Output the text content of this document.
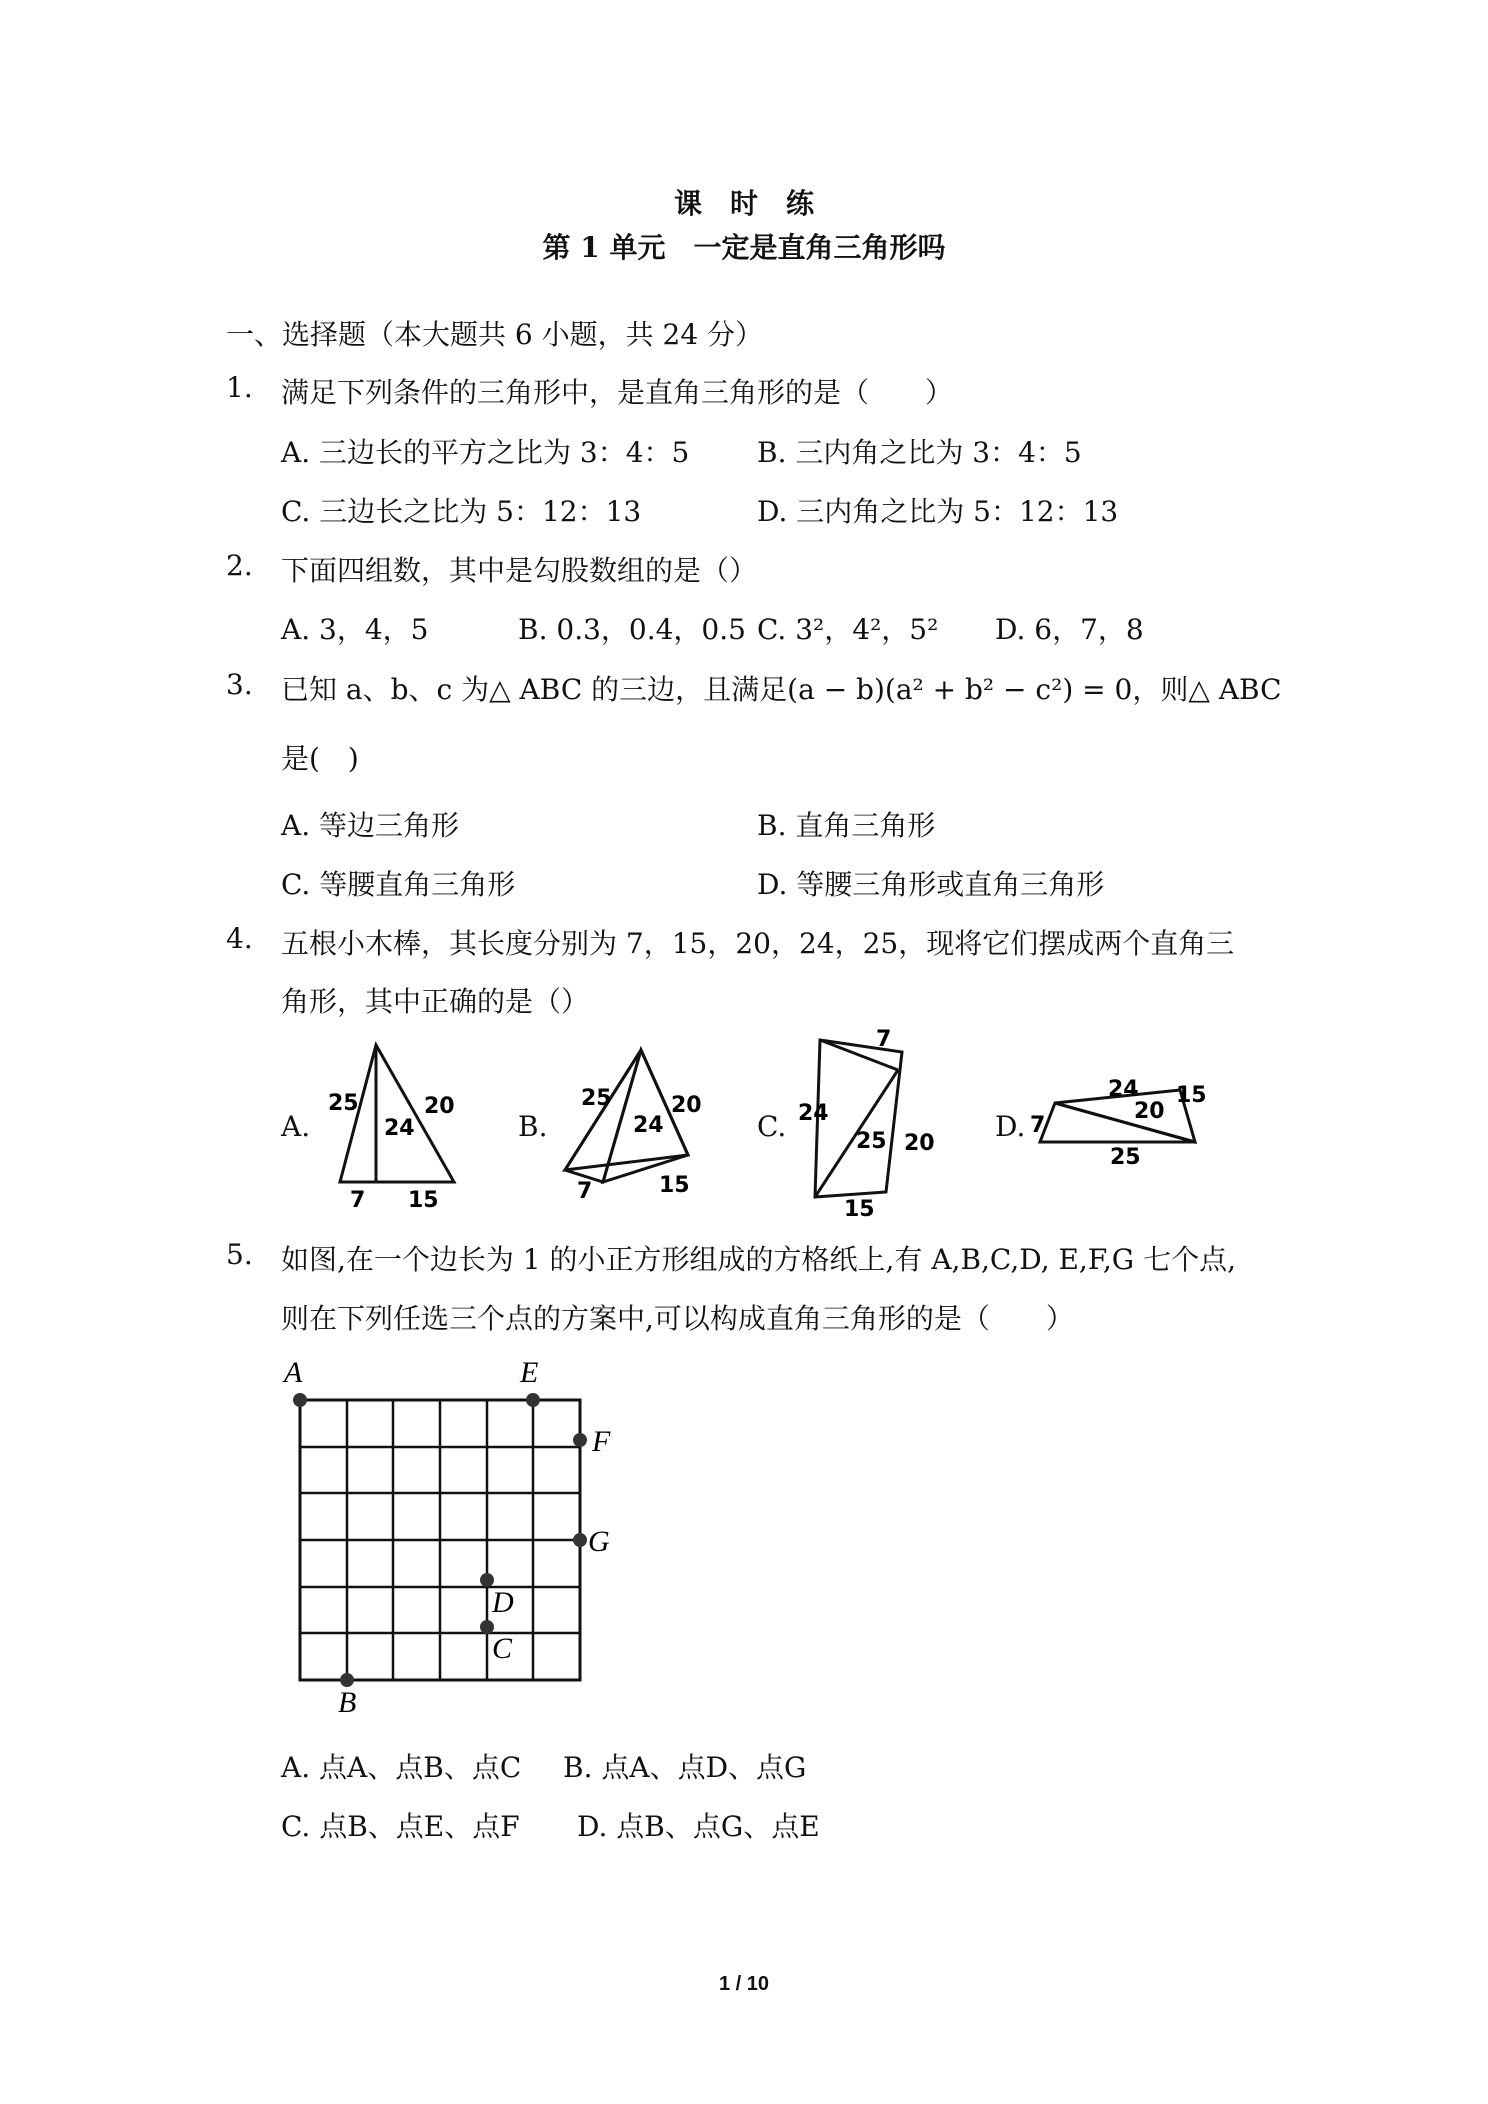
课　时　练
第 1 单元　一定是直角三角形吗
一、选择题（本大题共 6 小题，共 24 分）
1. 满足下列条件的三角形中，是直角三角形的是（　　）
A. 三边长的平方之比为 3：4：5 B. 三内角之比为 3：4：5
C. 三边长之比为 5：12：13	D. 三内角之比为 5：12：13
2. 下面四组数，其中是勾股数组的是（）
A. 3，4，5	B. 0.3，0.4，0.5 C. 3²，4²，5² D. 6，7，8
3. 已知 a、b、c 为△ ABC 的三边，且满足(a − b)(a² + b² − c²) = 0，则△ ABC
是(　)
A. 等边三角形	B. 直角三角形
C. 等腰直角三角形	D. 等腰三角形或直角三角形
4. 五根小木棒，其长度分别为 7，15，20，24，25，现将它们摆成两个直角三
角形，其中正确的是（）
A.	B.	C.	D.
25
24
20
7 15
25
24
20
7	15
7
24
25 20
15
24 15
20
7
25
5. 如图,在一个边长为 1 的小正方形组成的方格纸上,有 A,B,C,D, E,F,G 七个点,
则在下列任选三个点的方案中,可以构成直角三角形的是（　　）
A	E
F
G
D
C
B
A. 点A、点B、点C B. 点A、点D、点G
C. 点B、点E、点F D. 点B、点G、点E
1 / 10
